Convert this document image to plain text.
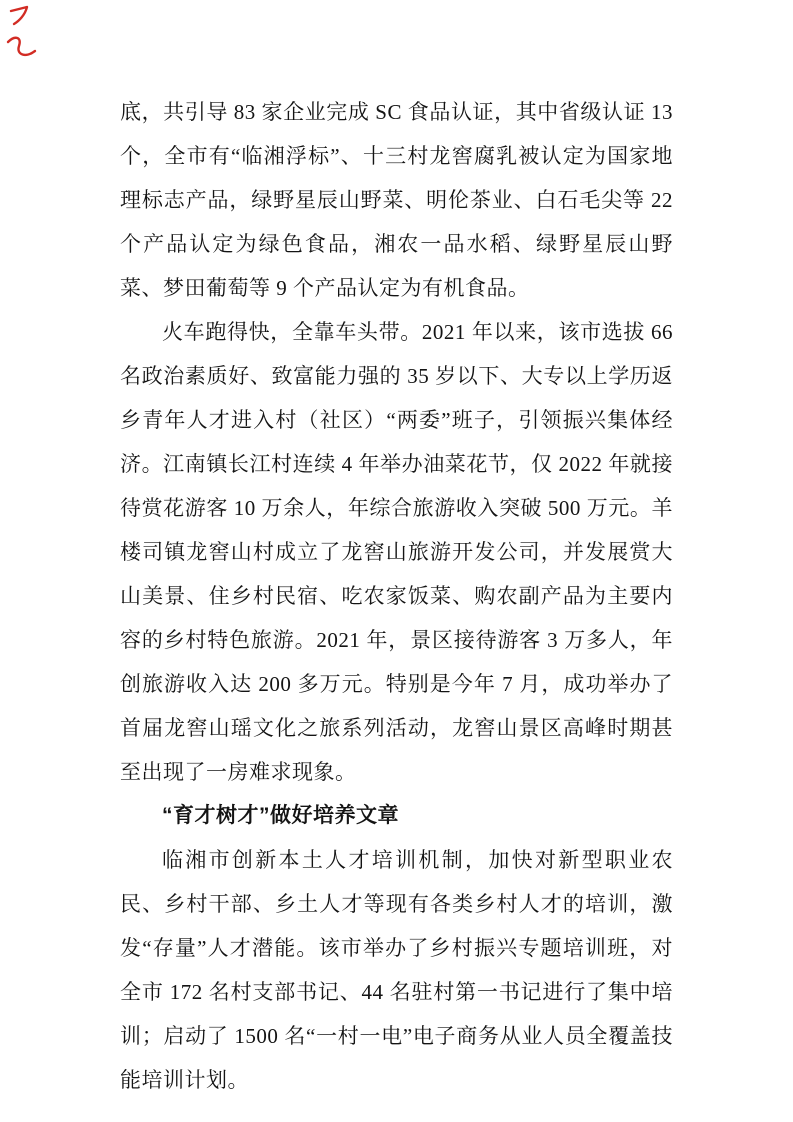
底，共引导 83 家企业完成 SC 食品认证，其中省级认证 13 个，全市有“临湘浮标”、十三村龙窖腐乳被认定为国家地理标志产品，绿野星辰山野菜、明伦茶业、白石毛尖等 22 个产品认定为绿色食品，湘农一品水稻、绿野星辰山野菜、梦田葡萄等 9 个产品认定为有机食品。

火车跑得快，全靠车头带。2021 年以来，该市选拔 66 名政治素质好、致富能力强的 35 岁以下、大专以上学历返乡青年人才进入村（社区）“两委”班子，引领振兴集体经济。江南镇长江村连续 4 年举办油菜花节，仅 2022 年就接待赏花游客 10 万余人，年综合旅游收入突破 500 万元。羊楼司镇龙窖山村成立了龙窖山旅游开发公司，并发展赏大山美景、住乡村民宿、吃农家饭菜、购农副产品为主要内容的乡村特色旅游。2021 年，景区接待游客 3 万多人，年创旅游收入达 200 多万元。特别是今年 7 月，成功举办了首届龙窖山瑶文化之旅系列活动，龙窖山景区高峰时期甚至出现了一房难求现象。

“育才树才”做好培养文章

临湘市创新本土人才培训机制，加快对新型职业农民、乡村干部、乡土人才等现有各类乡村人才的培训，激发“存量”人才潜能。该市举办了乡村振兴专题培训班，对全市 172 名村支部书记、44 名驻村第一书记进行了集中培训；启动了 1500 名“一村一电”电子商务从业人员全覆盖技能培训计划。
